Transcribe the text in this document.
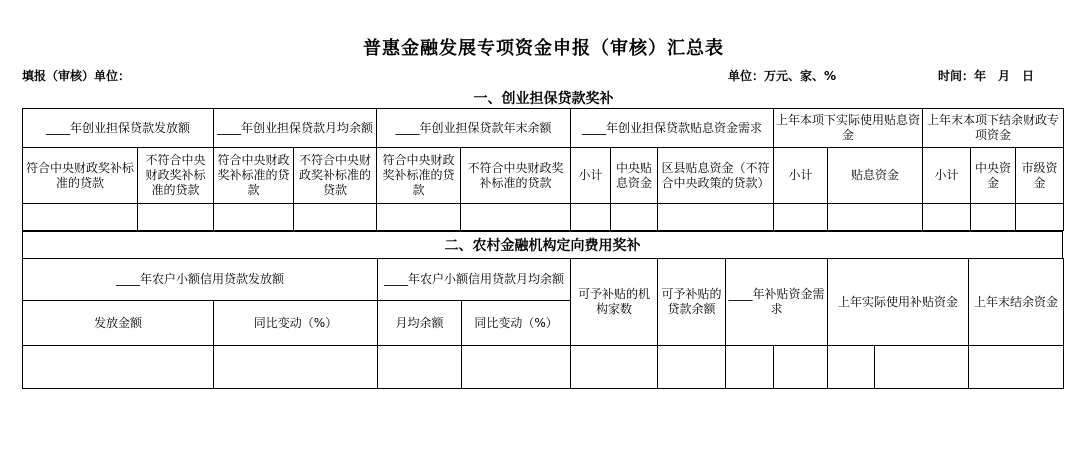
普惠金融发展专项资金申报（审核）汇总表
填报（审核）单位：	单位：万元、家、%	时间：年　月　日
一、创业担保贷款奖补
____年创业担保贷款发放额		____年创业担保贷款月均余额		____年创业担保贷款年末余额		____年创业担保贷款贴息资金需求			上年本项下实际使用贴息资金		上年末本项下结余财政专项资金		
符合中央财政奖补标准的贷款	不符合中央财政奖补标准的贷款	符合中央财政奖补标准的贷款	不符合中央财政奖补标准的贷款	符合中央财政奖补标准的贷款	不符合中央财政奖补标准的贷款	小计	中央贴息资金	区县贴息资金（不符合中央政策的贷款）	小计	贴息资金	小计	中央资金	市级资金

二、农村金融机构定向费用奖补
____年农户小额信用贷款发放额		____年农户小额信用贷款月均余额		可予补贴的机构家数	可予补贴的贷款余额	____年补贴资金需求		上年实际使用补贴资金		上年末结余资金
发放金额	同比变动（%）	月均余额	同比变动（%）							
